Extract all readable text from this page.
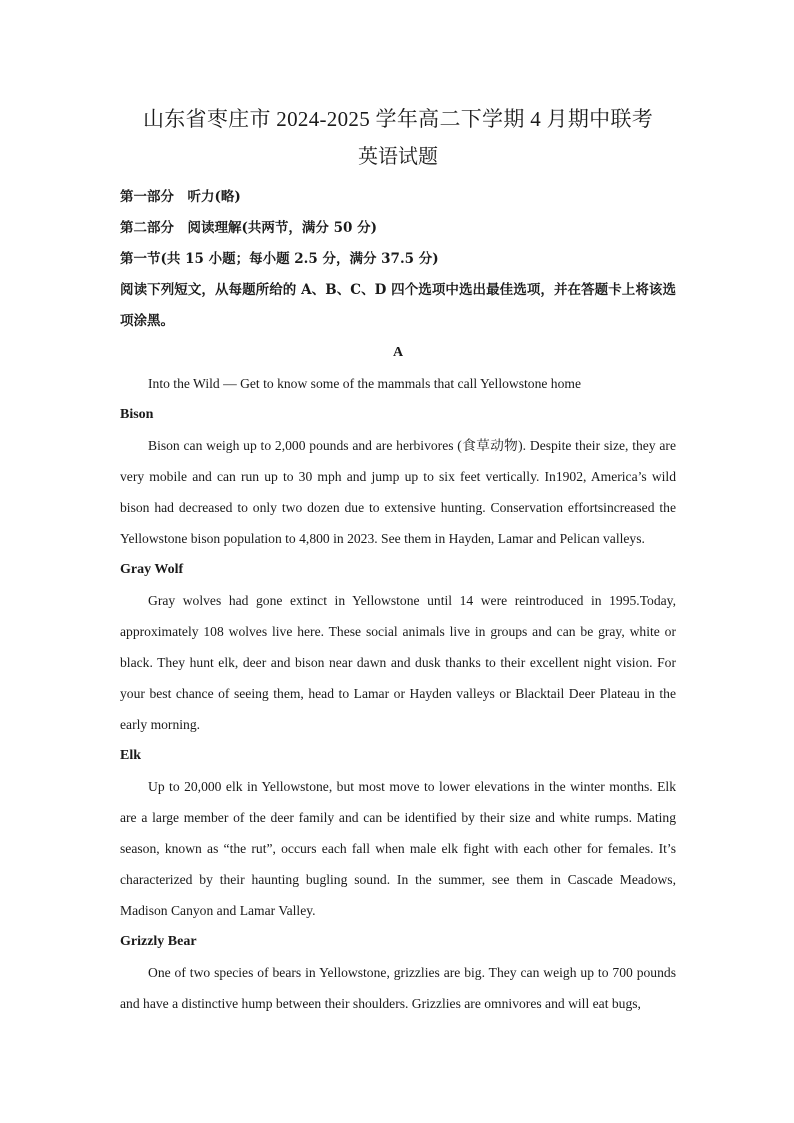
山东省枣庄市 2024-2025 学年高二下学期 4 月期中联考
英语试题

第一部分　听力(略)

第二部分　阅读理解(共两节，满分 50 分)

第一节(共 15 小题；每小题 2.5 分，满分 37.5 分)

阅读下列短文，从每题所给的 A、B、C、D 四个选项中选出最佳选项，并在答题卡上将该选项涂黑。

A

Into the Wild — Get to know some of the mammals that call Yellowstone home

Bison

Bison can weigh up to 2,000 pounds and are herbivores (食草动物). Despite their size, they are very mobile and can run up to 30 mph and jump up to six feet vertically. In1902, America’s wild bison had decreased to only two dozen due to extensive hunting. Conservation effortsincreased the Yellowstone bison population to 4,800 in 2023. See them in Hayden, Lamar and Pelican valleys.

Gray Wolf

Gray wolves had gone extinct in Yellowstone until 14 were reintroduced in 1995.Today, approximately 108 wolves live here. These social animals live in groups and can be gray, white or black. They hunt elk, deer and bison near dawn and dusk thanks to their excellent night vision. For your best chance of seeing them, head to Lamar or Hayden valleys or Blacktail Deer Plateau in the early morning.

Elk

Up to 20,000 elk in Yellowstone, but most move to lower elevations in the winter months. Elk are a large member of the deer family and can be identified by their size and white rumps. Mating season, known as “the rut”, occurs each fall when male elk fight with each other for females. It’s characterized by their haunting bugling sound. In the summer, see them in Cascade Meadows, Madison Canyon and Lamar Valley.

Grizzly Bear

One of two species of bears in Yellowstone, grizzlies are big. They can weigh up to 700 pounds and have a distinctive hump between their shoulders. Grizzlies are omnivores and will eat bugs,
